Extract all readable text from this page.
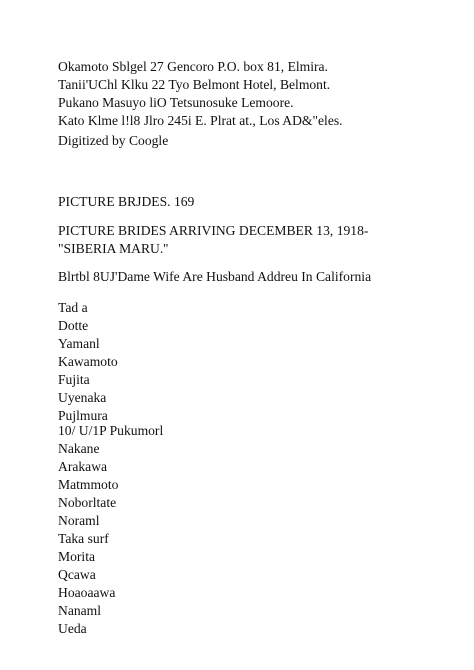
Okamoto Sblgel 27 Gencoro P.O. box 81, Elmira.
Tanii'UChl Klku 22 Tyo Belmont Hotel, Belmont.
Pukano Masuyo liO Tetsunosuke Lemoore.
Kato Klme l!l8 Jlro 245i E. Plrat at., Los AD&"eles.
Digitized by Coogle
PICTURE BRJDES. 169
PICTURE BRIDES ARRIVING DECEMBER 13, 1918-
"SIBERIA MARU.''
Blrtbl 8UJ'Dame Wife Are Husband Addreu In California
Tad a
Dotte
Yamanl
Kawamoto
Fujita
Uyenaka
Pujlmura
10/ U/1P Pukumorl
Nakane
Arakawa
Matmmoto
Noborltate
Noraml
Taka surf
Morita
Qcawa
Hoaoaawa
Nanaml
Ueda
